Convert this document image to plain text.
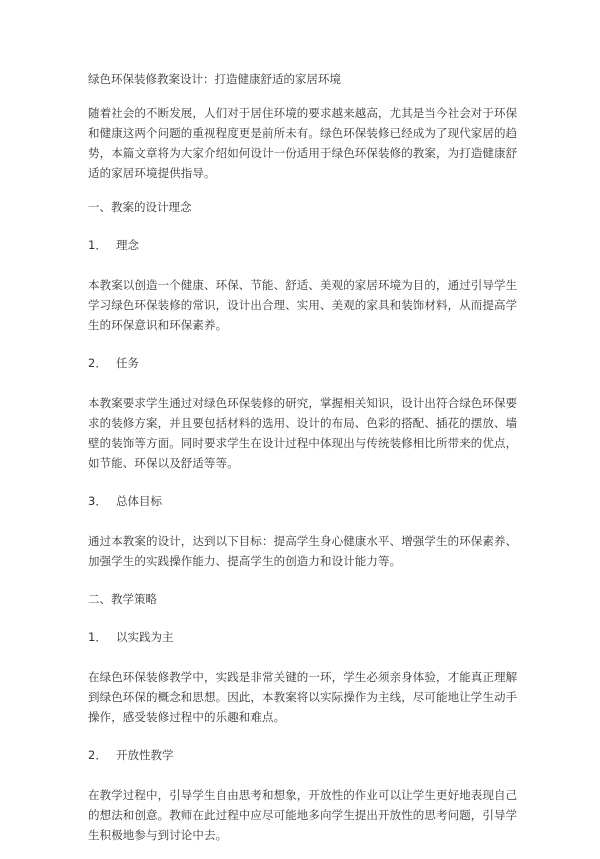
绿色环保装修教案设计：打造健康舒适的家居环境

随着社会的不断发展，人们对于居住环境的要求越来越高，尤其是当今社会对于环保和健康这两个问题的重视程度更是前所未有。绿色环保装修已经成为了现代家居的趋势，本篇文章将为大家介绍如何设计一份适用于绿色环保装修的教案，为打造健康舒适的家居环境提供指导。

一、教案的设计理念
1． 理念

本教案以创造一个健康、环保、节能、舒适、美观的家居环境为目的，通过引导学生学习绿色环保装修的常识，设计出合理、实用、美观的家具和装饰材料，从而提高学生的环保意识和环保素养。

2． 任务

本教案要求学生通过对绿色环保装修的研究，掌握相关知识，设计出符合绿色环保要求的装修方案，并且要包括材料的选用、设计的布局、色彩的搭配、插花的摆放、墙壁的装饰等方面。同时要求学生在设计过程中体现出与传统装修相比所带来的优点，如节能、环保以及舒适等等。

3． 总体目标

通过本教案的设计，达到以下目标：提高学生身心健康水平、增强学生的环保素养、加强学生的实践操作能力、提高学生的创造力和设计能力等。

二、教学策略
1． 以实践为主

在绿色环保装修教学中，实践是非常关键的一环，学生必须亲身体验，才能真正理解到绿色环保的概念和思想。因此，本教案将以实际操作为主线，尽可能地让学生动手操作，感受装修过程中的乐趣和难点。

2． 开放性教学

在教学过程中，引导学生自由思考和想象，开放性的作业可以让学生更好地表现自己的想法和创意。教师在此过程中应尽可能地多向学生提出开放性的思考问题，引导学生积极地参与到讨论中去。
